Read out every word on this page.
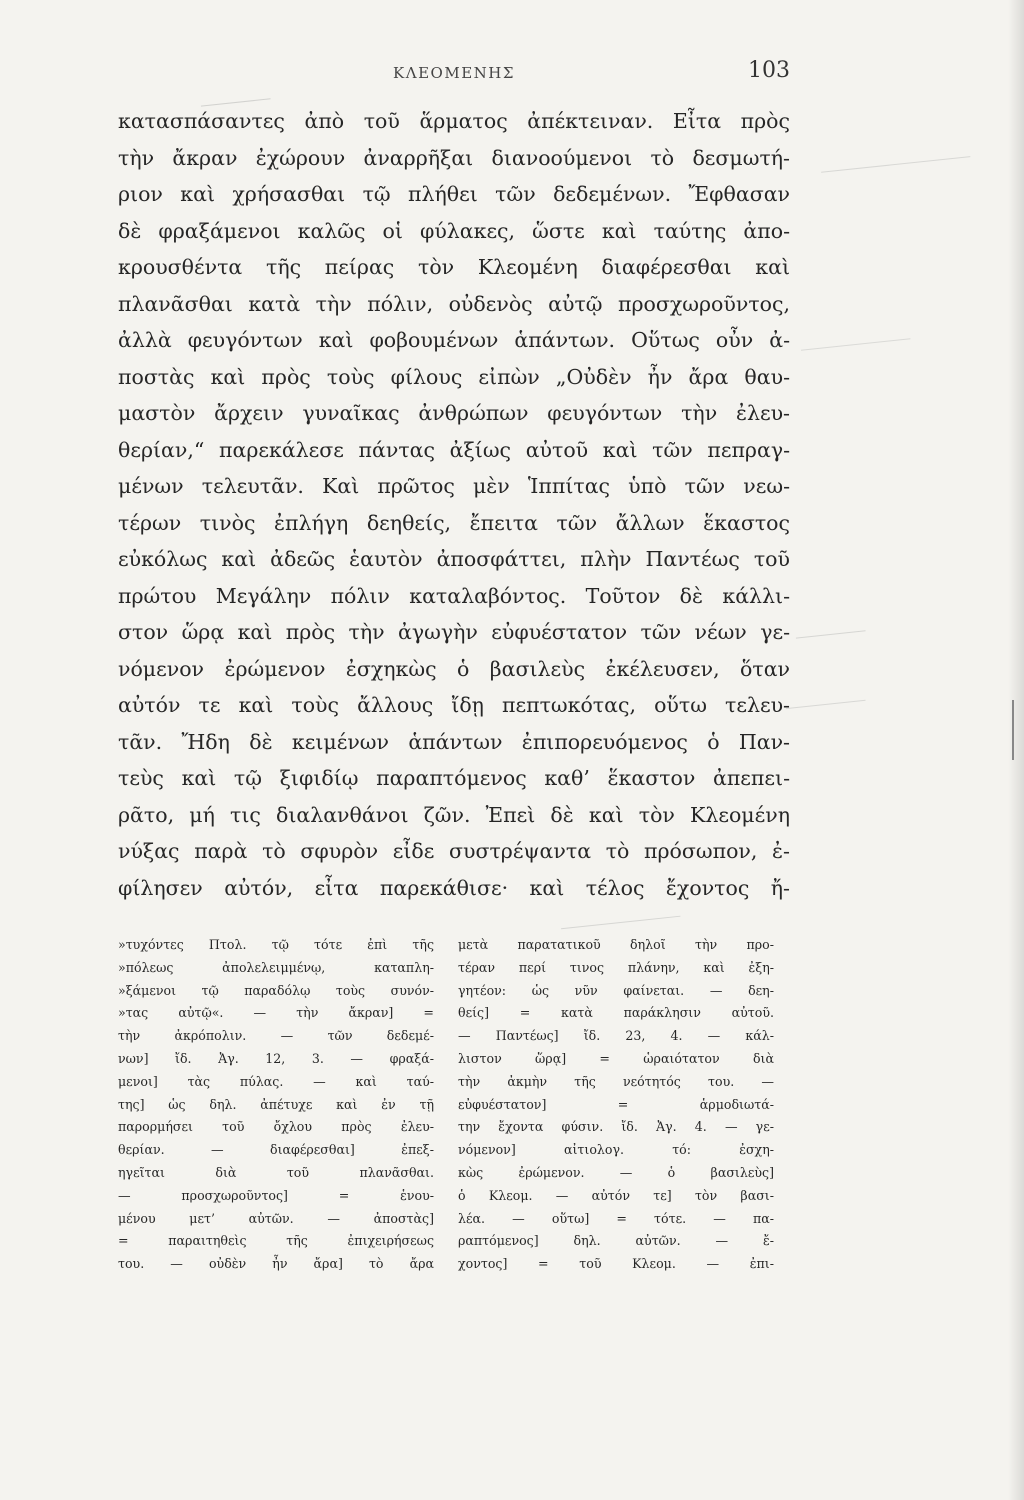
ΚΛΕΟΜΕΝΗΣ	103
κατασπάσαντες ἀπὸ τοῦ ἅρματος ἀπέκτειναν. Εἶτα πρὸς
τὴν ἄκραν ἐχώρουν ἀναρρῆξαι διανοούμενοι τὸ δεσμωτή-
ριον καὶ χρήσασθαι τῷ πλήθει τῶν δεδεμένων. Ἔφθασαν
δὲ φραξάμενοι καλῶς οἱ φύλακες, ὥστε καὶ ταύτης ἀπο-
κρουσθέντα τῆς πείρας τὸν Κλεομένη διαφέρεσθαι καὶ
πλανᾶσθαι κατὰ τὴν πόλιν, οὐδενὸς αὐτῷ προσχωροῦντος,
ἀλλὰ φευγόντων καὶ φοβουμένων ἁπάντων. Οὕτως οὖν ἀ-
ποστὰς καὶ πρὸς τοὺς φίλους εἰπὼν „Οὐδὲν ἦν ἄρα θαυ-
μαστὸν ἄρχειν γυναῖκας ἀνθρώπων φευγόντων τὴν ἐλευ-
θερίαν,“ παρεκάλεσε πάντας ἀξίως αὐτοῦ καὶ τῶν πεπραγ-
μένων τελευτᾶν. Καὶ πρῶτος μὲν Ἱππίτας ὑπὸ τῶν νεω-
τέρων τινὸς ἐπλήγη δεηθείς, ἔπειτα τῶν ἄλλων ἕκαστος
εὐκόλως καὶ ἀδεῶς ἑαυτὸν ἀποσφάττει, πλὴν Παντέως τοῦ
πρώτου Μεγάλην πόλιν καταλαβόντος. Τοῦτον δὲ κάλλι-
στον ὥρᾳ καὶ πρὸς τὴν ἀγωγὴν εὐφυέστατον τῶν νέων γε-
νόμενον ἐρώμενον ἐσχηκὼς ὁ βασιλεὺς ἐκέλευσεν, ὅταν
αὐτόν τε καὶ τοὺς ἄλλους ἴδῃ πεπτωκότας, οὕτω τελευ-
τᾶν. Ἤδη δὲ κειμένων ἁπάντων ἐπιπορευόμενος ὁ Παν-
τεὺς καὶ τῷ ξιφιδίῳ παραπτόμενος καθ’ ἕκαστον ἀπεπει-
ρᾶτο, μή τις διαλανθάνοι ζῶν. Ἐπεὶ δὲ καὶ τὸν Κλεομένη
νύξας παρὰ τὸ σφυρὸν εἶδε συστρέψαντα τὸ πρόσωπον, ἐ-
φίλησεν αὐτόν, εἶτα παρεκάθισε· καὶ τέλος ἔχοντος ἤ-
»τυχόντες Πτολ. τῷ τότε ἐπὶ τῆς
»πόλεως ἀπολελειμμένῳ, καταπλη-
»ξάμενοι τῷ παραδόλῳ τοὺς συνόν-
»τας αὐτῷ«. — τὴν ἄκραν] =
τὴν ἀκρόπολιν. — τῶν δεδεμέ-
νων] ἴδ. Ἀγ. 12, 3. — φραξά-
μενοι] τὰς πύλας. — καὶ ταύ-
της] ὡς δηλ. ἀπέτυχε καὶ ἐν τῇ
παρορμήσει τοῦ ὄχλου πρὸς ἐλευ-
θερίαν. — διαφέρεσθαι] ἐπεξ-
ηγεῖται διὰ τοῦ πλανᾶσθαι.
— προσχωροῦντος] = ἑνου-
μένου μετ’ αὐτῶν. — ἀποστὰς]
= παραιτηθεὶς τῆς ἐπιχειρήσεως
του. — οὐδὲν ἦν ἄρα] τὸ ἄρα
μετὰ παρατατικοῦ δηλοῖ τὴν προ-
τέραν περί τινος πλάνην, καὶ ἐξη-
γητέον: ὡς νῦν φαίνεται. — δεη-
θείς] = κατὰ παράκλησιν αὐτοῦ.
— Παντέως] ἴδ. 23, 4. — κάλ-
λιστον ὥρᾳ] = ὡραιότατον διὰ
τὴν ἀκμὴν τῆς νεότητός του. —
εὐφυέστατον] = ἁρμοδιωτά-
την ἔχοντα φύσιν. ἴδ. Ἀγ. 4. — γε-
νόμενον] αἰτιολογ. τό: ἐσχη-
κὼς ἐρώμενον. — ὁ βασιλεὺς]
ὁ Κλεομ. — αὐτόν τε] τὸν βασι-
λέα. — οὕτω] = τότε. — πα-
ραπτόμενος] δηλ. αὐτῶν. — ἔ-
χοντος] = τοῦ Κλεομ. — ἐπι-
